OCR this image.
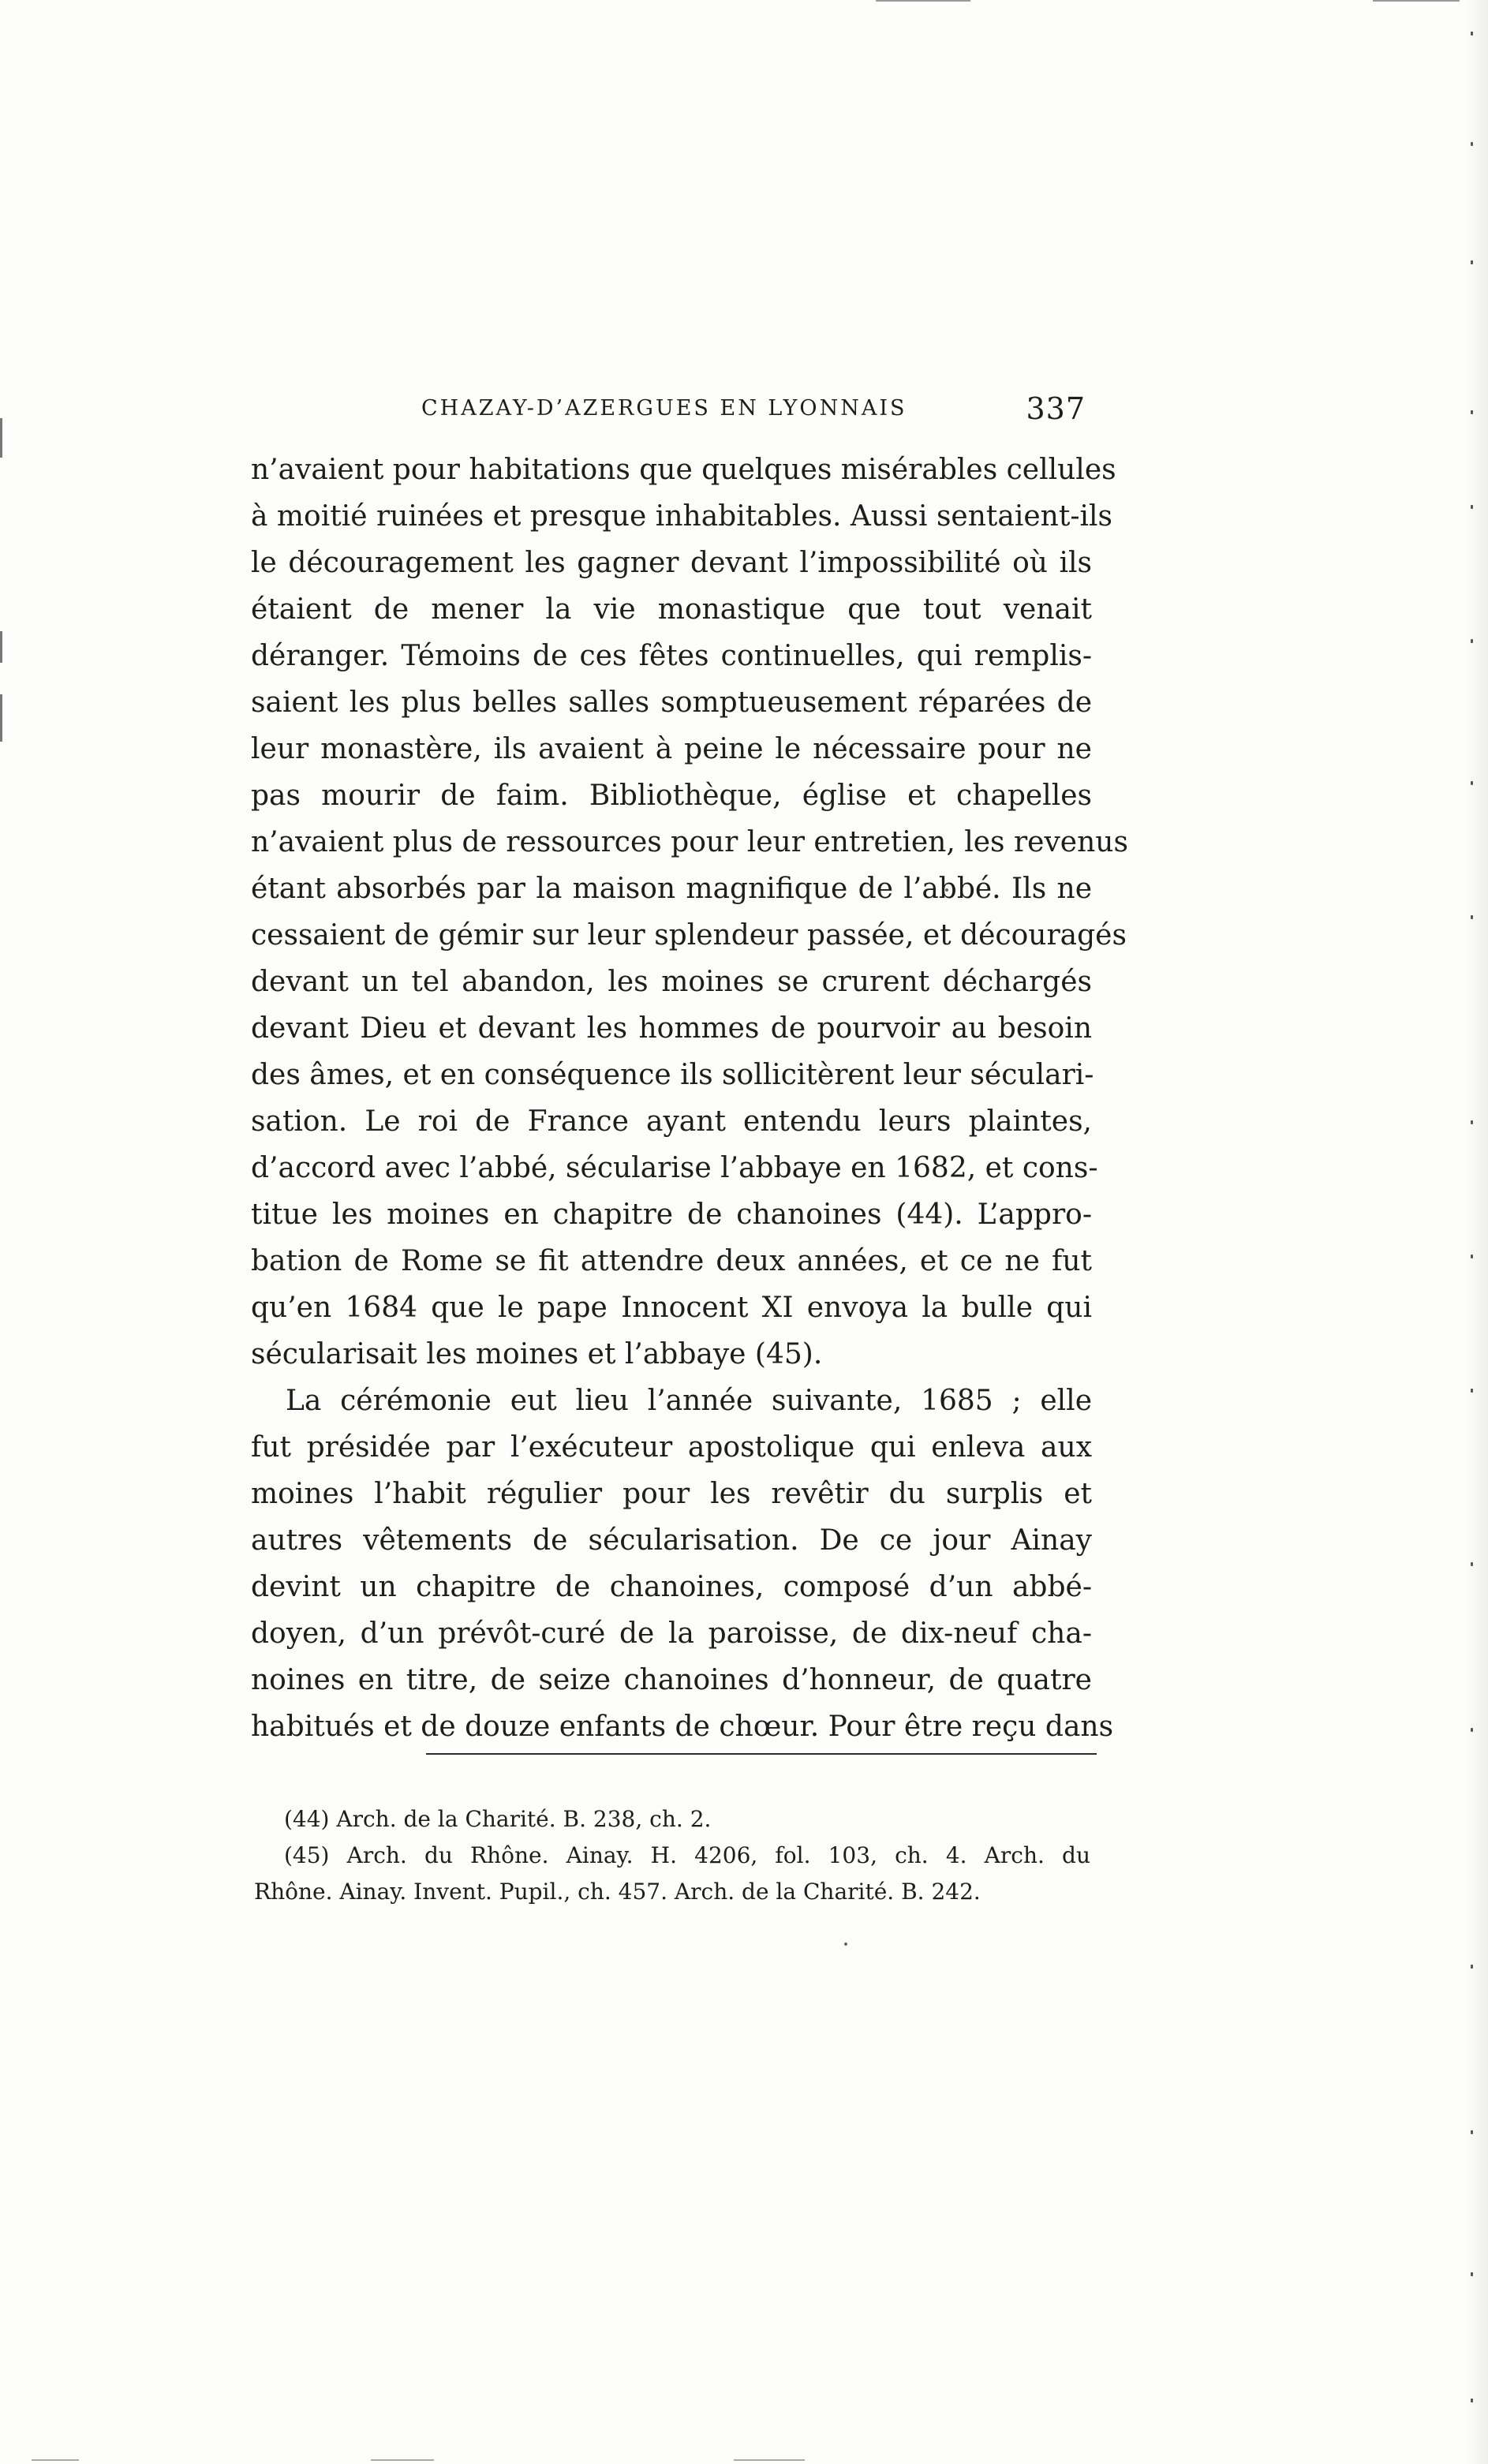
CHAZAY-D’AZERGUES EN LYONNAIS	337
n’avaient pour habitations que quelques misérables cellules
à moitié ruinées et presque inhabitables. Aussi sentaient-ils
le découragement les gagner devant l’impossibilité où ils
étaient de mener la vie monastique que tout venait
déranger. Témoins de ces fêtes continuelles, qui remplis-
saient les plus belles salles somptueusement réparées de
leur monastère, ils avaient à peine le nécessaire pour ne
pas mourir de faim. Bibliothèque, église et chapelles
n’avaient plus de ressources pour leur entretien, les revenus
étant absorbés par la maison magnifique de l’abbé. Ils ne
cessaient de gémir sur leur splendeur passée, et découragés
devant un tel abandon, les moines se crurent déchargés
devant Dieu et devant les hommes de pourvoir au besoin
des âmes, et en conséquence ils sollicitèrent leur séculari-
sation. Le roi de France ayant entendu leurs plaintes,
d’accord avec l’abbé, sécularise l’abbaye en 1682, et cons-
titue les moines en chapitre de chanoines (44). L’appro-
bation de Rome se fit attendre deux années, et ce ne fut
qu’en 1684 que le pape Innocent XI envoya la bulle qui
sécularisait les moines et l’abbaye (45).
La cérémonie eut lieu l’année suivante, 1685 ; elle
fut présidée par l’exécuteur apostolique qui enleva aux
moines l’habit régulier pour les revêtir du surplis et
autres vêtements de sécularisation. De ce jour Ainay
devint un chapitre de chanoines, composé d’un abbé-
doyen, d’un prévôt-curé de la paroisse, de dix-neuf cha-
noines en titre, de seize chanoines d’honneur, de quatre
habitués et de douze enfants de chœur. Pour être reçu dans
(44) Arch. de la Charité. B. 238, ch. 2.
(45) Arch. du Rhône. Ainay. H. 4206, fol. 103, ch. 4. Arch. du
Rhône. Ainay. Invent. Pupil., ch. 457. Arch. de la Charité. B. 242.
